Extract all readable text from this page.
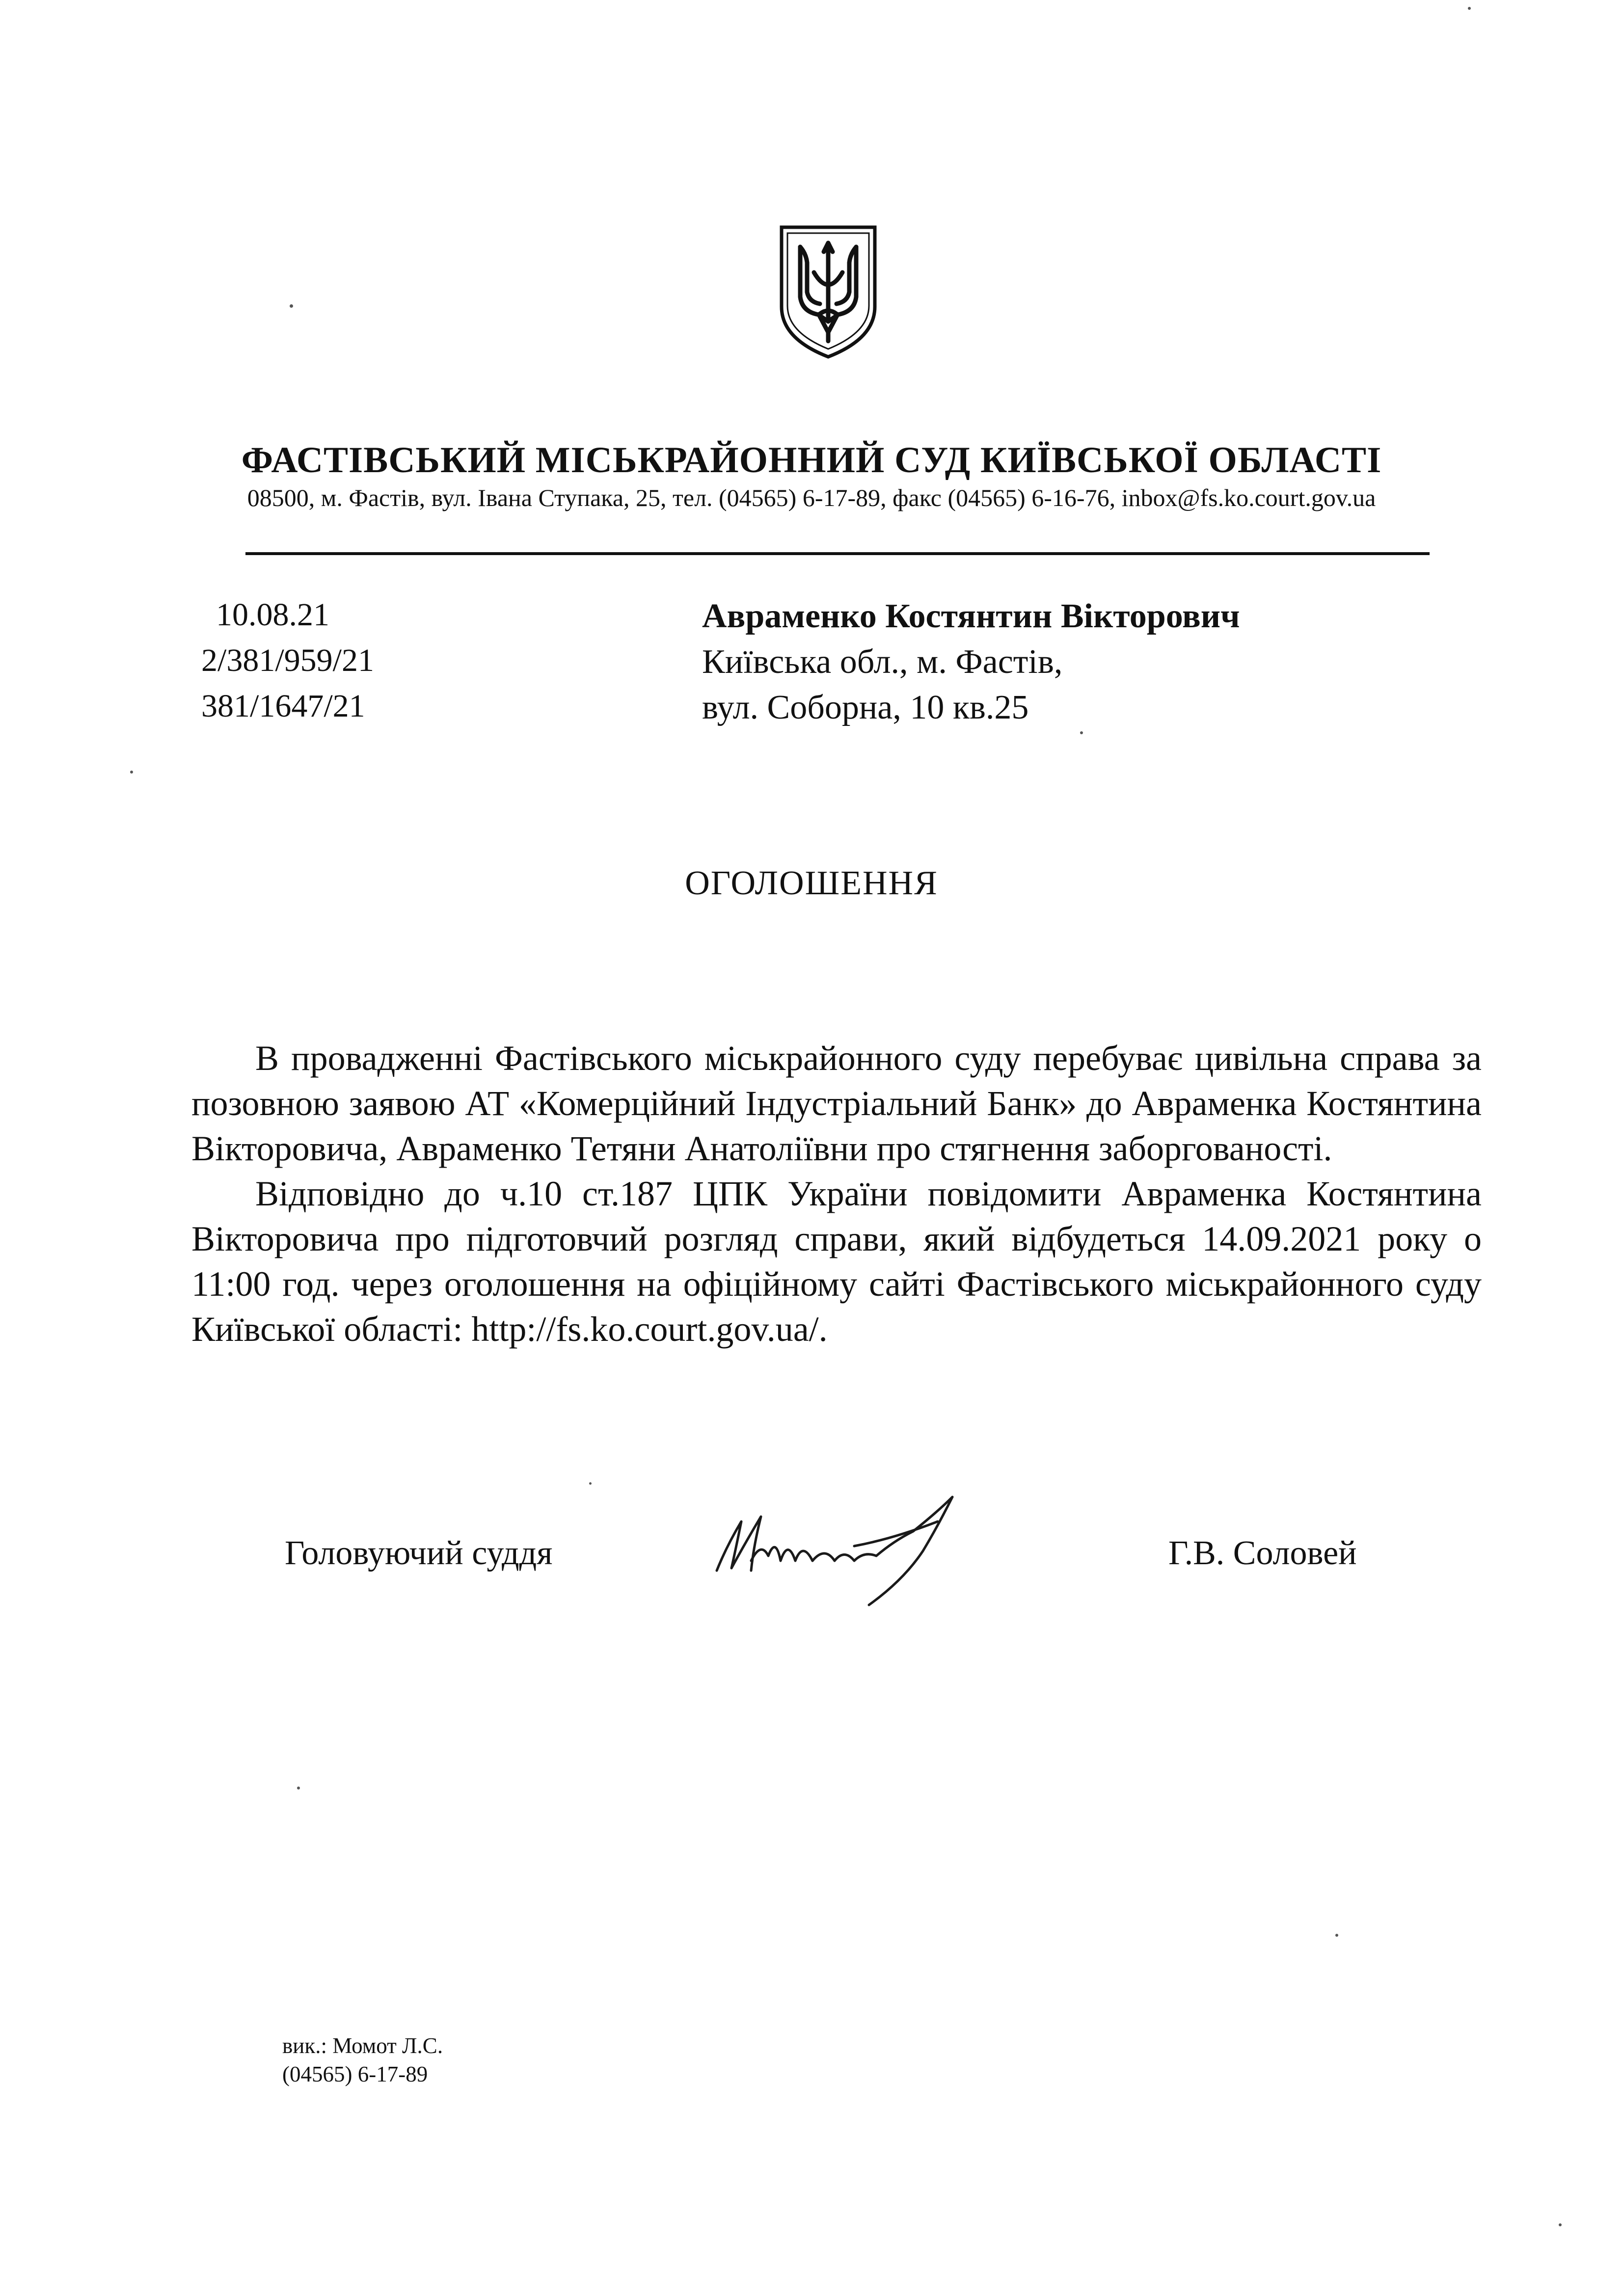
ФАСТІВСЬКИЙ МІСЬКРАЙОННИЙ СУД КИЇВСЬКОЇ ОБЛАСТІ
08500, м. Фастів, вул. Івана Ступака, 25, тел. (04565) 6-17-89, факс (04565) 6-16-76, inbox@fs.ko.court.gov.ua
10.08.21
2/381/959/21
381/1647/21
Авраменко Костянтин Вікторович
Київська обл., м. Фастів,
вул. Соборна, 10 кв.25
ОГОЛОШЕННЯ

В провадженні Фастівського міськрайонного суду перебуває цивільна справа за позовною заявою АТ «Комерційний Індустріальний Банк» до Авраменка Костянтина Вікторовича, Авраменко Тетяни Анатоліївни про стягнення заборгованості.

Відповідно до ч.10 ст.187 ЦПК України повідомити Авраменка Костянтина Вікторовича про підготовчий розгляд справи, який відбудеться 14.09.2021 року о 11:00 год. через оголошення на офіційному сайті Фастівського міськрайонного суду Київської області: http://fs.ko.court.gov.ua/.

Головуючий суддя	Г.В. Соловей
вик.: Момот Л.С.
(04565) 6-17-89
